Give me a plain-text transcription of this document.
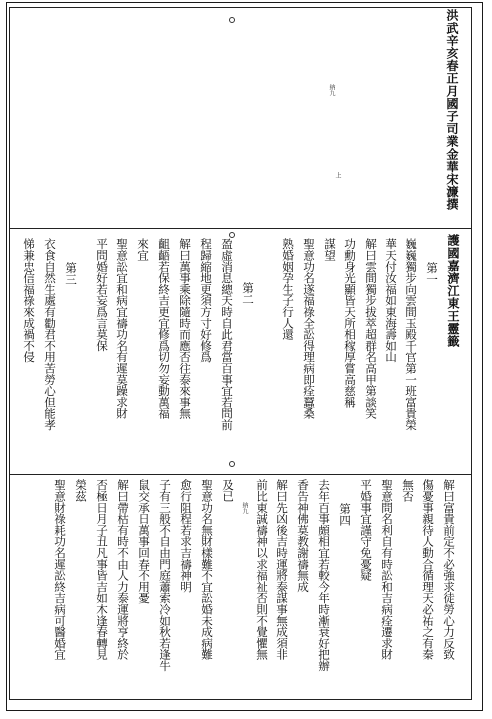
洪武辛亥春正月國子司業金華宋濂撰
納九
上
護國嘉濟江東王靈籤
第一
巍巍獨步向雲間玉殿千官第一班富貴榮
華天付汝福如東海壽如山
解曰雲間獨步拔萃超群名高甲第談笑
功勳身光顯皆天所相稼厚嘗高慈稱
謀望
聖意功名遂福祿全訟得理病即痊蠶桑
熟婚姻孕生子行人還
第二
盈虛消息總天時自此君當百事宜若問前
程歸縮地更須方寸好修爲
解曰萬事乘除隨時而應否往泰來事無
齟齬若保終吉更宜修爲切勿妄動萬福
來宜
聖意訟宜和病宜禱功名有遲莫躁求財
平問婚好若妄爲言莫保
第三
衣食自然生處有勸君不用苦勞心但能孝
悌兼忠信福祿來成禍不侵
解曰富貴前定不必強求徒勞心力反致
傷憂事親待人動合循理天必祐之有秦
無否
聖意問名利自有時訟和吉病痊遷求財
平婚事宜謹守免憂疑
第四
去年百事頗相宜若較今年時漸衰好把辦
香告神佛莫教謝禱無成
解曰先凶後吉時運將泰謀事無成須非
前比東誠禱神以求福祉否則不覺懼無
納九
及已
聖意功名無財樣難不宜訟婚未成病難
愈行阻程若求吉禱神明
子有三般不自由門庭蕭索冷如秋若逢牛
鼠交承日萬事回春不用憂
解曰帶枯有時不由人力泰運將亨終於
否極日月子丑凡事皆吉如木逢春轉見
榮茲
聖意財祿耗功名遲訟終吉病可醫婚宜
